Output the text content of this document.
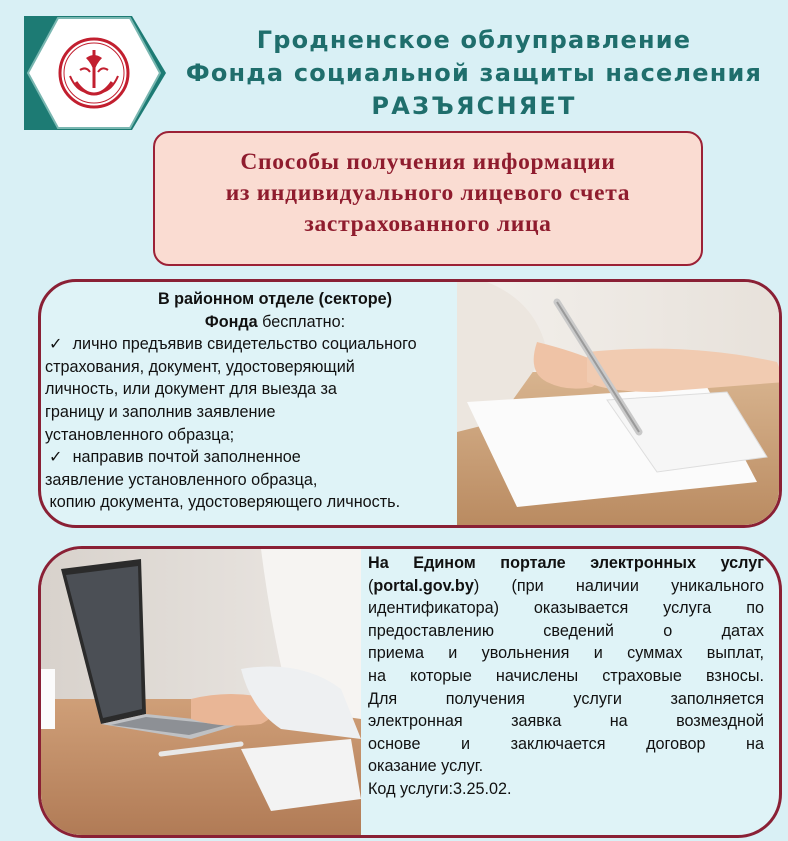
Гродненское облуправление
Фонда социальной защиты населения
РАЗЪЯСНЯЕТ
Способы получения информации
из индивидуального лицевого счета
застрахованного лица
В районном отделе (секторе)
Фонда бесплатно:
✓ лично предъявив свидетельство социального
страхования, документ, удостоверяющий
личность, или документ для выезда за
границу и заполнив заявление
установленного образца;
✓ направив почтой заполненное
заявление установленного образца,
копию документа, удостоверяющего личность.
На Едином портале электронных услуг
(portal.gov.by) (при наличии уникального
идентификатора) оказывается услуга по
предоставлению сведений о датах
приема и увольнения и суммах выплат,
на которые начислены страховые взносы.
Для получения услуги заполняется
электронная заявка на возмездной
основе и заключается договор на
оказание услуг.
Код услуги:3.25.02.
